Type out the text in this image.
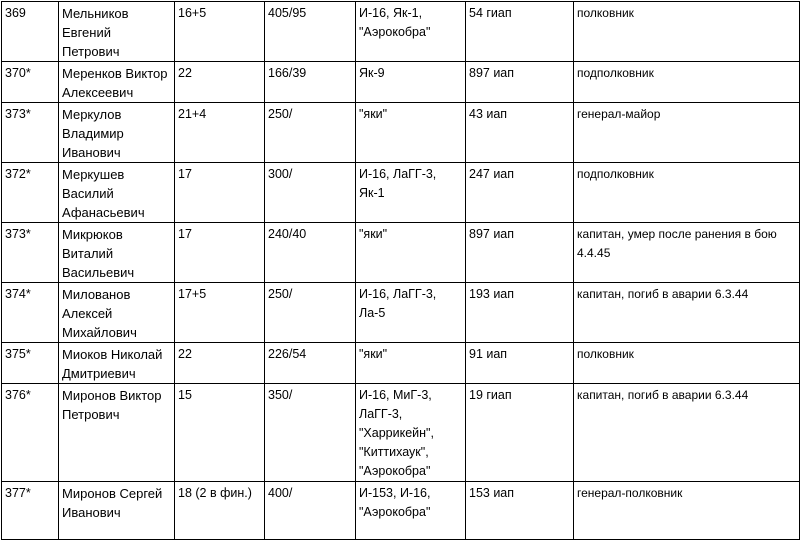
369	Мельников Евгений Петрович	16+5	405/95	И-16, Як-1, "Аэрокобра"	54 гиап	полковник
370*	Меренков Виктор Алексеевич	22	166/39	Як-9	897 иап	подполковник
373*	Меркулов Владимир Иванович	21+4	250/	"яки"	43 иап	генерал-майор
372*	Меркушев Василий Афанасьевич	17	300/	И-16, ЛаГГ-3, Як-1	247 иап	подполковник
373*	Микрюков Виталий Васильевич	17	240/40	"яки"	897 иап	капитан, умер после ранения в бою 4.4.45
374*	Милованов Алексей Михайлович	17+5	250/	И-16, ЛаГГ-3, Ла-5	193 иап	капитан, погиб в аварии 6.3.44
375*	Миоков Николай Дмитриевич	22	226/54	"яки"	91 иап	полковник
376*	Миронов Виктор Петрович	15	350/	И-16, МиГ-3, ЛаГГ-3, "Харрикейн", "Киттихаук", "Аэрокобра"	19 гиап	капитан, погиб в аварии 6.3.44
377*	Миронов Сергей Иванович	18 (2 в фин.)	400/	И-153, И-16, "Аэрокобра"	153 иап	генерал-полковник
